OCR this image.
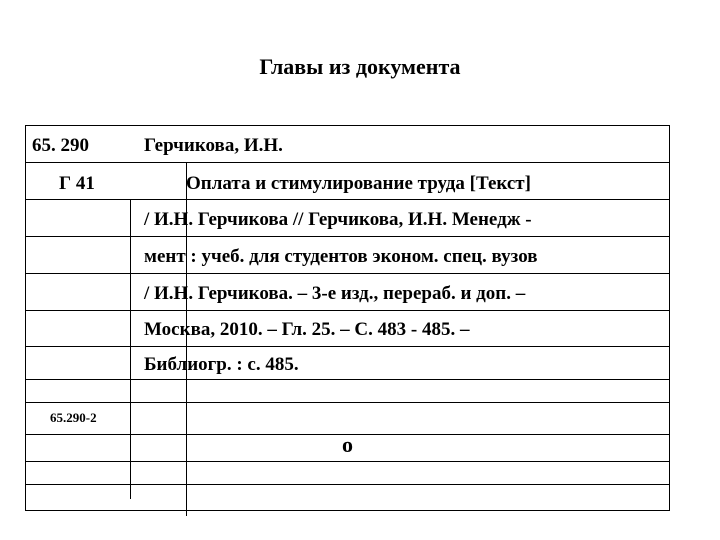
Главы из документа
65. 290
Г 41
Герчикова, И.Н.
Оплата и стимулирование труда [Текст]
/ И.Н. Герчикова // Герчикова, И.Н. Менедж -
мент : учеб. для студентов эконом. спец. вузов
/ И.Н. Герчикова. – 3-е изд., перераб. и доп. –
Москва, 2010. – Гл. 25. – С. 483 - 485. –
Библиогр. : с. 485.
65.290-2
о
